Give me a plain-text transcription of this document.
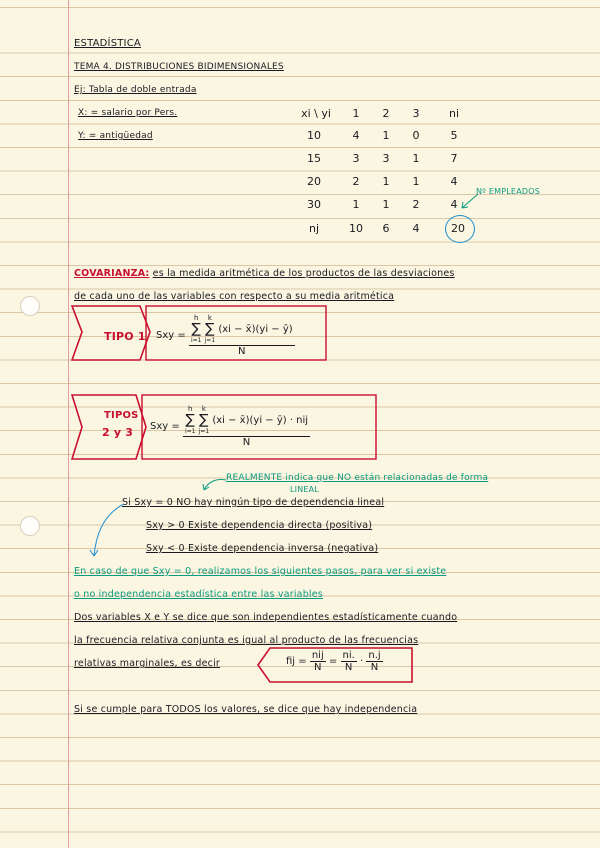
ESTADÍSTICA
TEMA 4. DISTRIBUCIONES BIDIMENSIONALES
Ej: Tabla de doble entrada
X: = salario por Pers.
Y: = antigüedad
xi \ yi	1	2	3	ni
10	4	1	0	5
15	3	3	1	7
20	2	1	1	4
30	1	1	2	4
nj	10	6	4	20
Nº EMPLEADOS
COVARIANZA: es la medida aritmética de los productos de las desviaciones
de cada uno de las variables con respecto a su media aritmética
TIPO 1 Sxy = h
∑
i=1

k
∑
j=1
(xi − x̄)(yi − ȳ)
N
TIPOS
2 y 3 Sxy = h
∑
i=1

k
∑
j=1
(xi − x̄)(yi − ȳ) · nij
N
REALMENTE indica que NO están relacionadas de forma
LINEAL
Si Sxy = 0 NO hay ningún tipo de dependencia lineal
Sxy > 0 Existe dependencia directa (positiva)
Sxy < 0 Existe dependencia inversa (negativa)
En caso de que Sxy = 0, realizamos los siguientes pasos, para ver si existe
o no independencia estadística entre las variables
Dos variables X e Y se dice que son independientes estadísticamente cuando
la frecuencia relativa conjunta es igual al producto de las frecuencias
relativas marginales, es decir	fij = $\frac{\text{nij}}{N} = \frac{ni.}{N} \cdot \frac{n.j}{N}$
Si se cumple para TODOS los valores, se dice que hay independencia
